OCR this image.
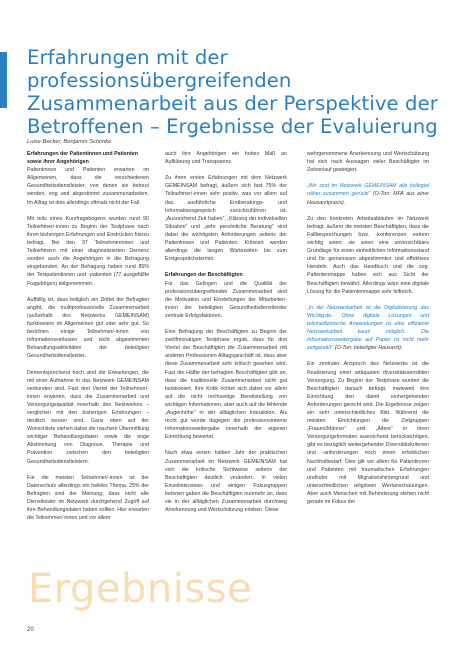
Erfahrungen mit der professionsübergreifenden Zusammenarbeit aus der Perspektive der Betroffenen – Ergebnisse der Evaluierung
Luise Becker, Benjamin Schimke
Erfahrungen der Patientinnen und Patienten sowie ihrer Angehörigen

Patientinnen und Patienten erwarten im Allgemeinen, dass die verschiedenen Gesundheitsdienstleister, von denen sie betreut werden, eng und abgestimmt zusammenarbeiten. Im Alltag ist dies allerdings oftmals nicht der Fall.

Mit teils eines Kurzfragebogens wurden rund 90 Teilnehmer/-innen zu Beginn der Testphase nach ihren bisherigen Erfahrungen und Eindrücken hierzu befragt. Bei den 37 Teilnehmerinnen und Teilnehmern mit einer diagnostizierten Demenz wurden auch die Angehörigen in die Befragung eingebunden. An der Befragung haben rund 85% der Testpatientinnen und -patienten (77 ausgefüllte Fragebögen) teilgenommen.

Auffällig ist, dass lediglich ein Drittel der Befragten angibt, die multiprofessionelle Zusammenarbeit (außerhalb des Netzwerks GEMEINSAM) funktioniere im Allgemeinen gut oder sehr gut. So berichten einige Teilnehmer/-innen von Informationsverlusten und nicht abgestimmten Behandlungsaktivitäten der beteiligten Gesundheitsdienstleister.

Dementsprechend hoch sind die Erwartungen, die mit einer Aufnahme in das Netzwerk GEMEINSAM verbunden sind. Fast drei Viertel der Teilnehmer/-innen erwarten, dass die Zusammenarbeit und Versorgungsqualität innerhalb des Netzwerkes – verglichen mit den bisherigen Erfahrungen – deutlich besser sind. Ganz oben auf der Wunschliste stehen dabei die raschere Übermittlung wichtiger Behandlungsdaten sowie die enge Abstimmung von Diagnose, Therapie und Prävention zwischen den beteiligten Gesundheitsdienstleistern.

Für die meisten Teilnehmer/-innen ist der Datenschutz allerdings ein heikles Thema. 25% der Befragten sind der Meinung, dass nicht alle Dienstleister im Netzwerk durchgehend Zugriff auf ihre Behandlungsdaten haben sollten. Hier erwarten die Teilnehmer/-innen und vor allem

auch ihre Angehörigen ein hohes Maß an Aufklärung und Transparenz.

Zu ihren ersten Erfahrungen mit dem Netzwerk GEMEINSAM befragt, äußern sich fast 75% der Teilnehmer/-innen sehr positiv, was vor allem auf das ausführliche Erstberatungs- und Informationsgespräch zurückzuführen ist. „Ausreichend Zeit haben“, „Klärung der individuellen Situation“ und „sehr persönliche Beratung“ sind dabei die wichtigsten Anforderungen seitens der Patientinnen und Patienten. Kritisiert werden allerdings die langen Wartezeiten bis zum Erstgesprächstermin.

Erfahrungen der Beschäftigten

Für das Gelingen und die Qualität der professionsübergreifenden Zusammenarbeit sind die Motivation und Einstellungen der Mitarbeiter/-innen der beteiligten Gesundheitsdienstleister zentrale Erfolgsfaktoren.

Eine Befragung der Beschäftigten zu Beginn der zwölfmonatigen Testphase ergab, dass für drei Viertel der Beschäftigten die Zusammenarbeit mit anderen Professionen Alltagsgeschäft ist, dass aber diese Zusammenarbeit sehr kritisch gesehen wird. Fast die Hälfte der befragten Beschäftigten gibt an, dass die traditionelle Zusammenarbeit nicht gut funktioniert. Ihre Kritik richtet sich dabei vor allem auf die nicht rechtzeitige Bereitstellung von wichtigen Informationen, aber auch auf die fehlende „Augenhöhe“ in der alltäglichen Interaktion. Als recht gut wurde dagegen die professionsinterne Informationsweitergabe innerhalb der eigenen Einrichtung bewertet.

Nach etwa einem halben Jahr der praktischen Zusammenarbeit im Netzwerk GEMEINSAM hat sich die kritische Sichtweise seitens der Beschäftigten deutlich verändert. In vielen Einzelinterviews und einigen Fokusgruppen betonen gaben die Beschäftigten nunmehr an, dass sie in der alltäglichen Zusammenarbeit durchweg Anerkennung und Wertschätzung erleben. Diese

wahrgenommene Anerkennung und Wertschätzung hat sich nach Aussagen vieler Beschäftigter im Zeitverlauf gesteigert.

„Wir sind im Netzwerk GEMEINSAM alle kollegial näher zusammen gerückt“ (O-Ton: MFA aus einer Hausarztpraxis).

Zu den konkreten Arbeitsabläufen im Netzwerk befragt, äußern die meisten Beschäftigten, dass die Fallbesprechungen bzw. -konferenzen extrem wichtig seien; sie seien eine unverzichtbare Grundlage für einen einheitlichen Informationsstand und für gemeinsam abgestimmtes und effektives Handeln. Auch das Handbuch und die sog. Patientenmappe haben sich aus Sicht der Beschäftigten bewährt. Allerdings wäre eine digitale Lösung für die Patientenmappe sehr hilfreich.

„In der Netzwerkarbeit ist die Digitalisierung das Wichtigste. Ohne digitale Lösungen und telemedizinische Anwendungen ist eine effiziente Netzwerkarbeit kaum möglich. Die Informationsweitergabe auf Papier ist nicht mehr zeitgemäß“ (O-Ton: beteiligter Hausarzt).

Ein zentraler Anspruch des Netzwerks ist die Realisierung einer adäquaten diversitätssensiblen Versorgung. Zu Beginn der Testphase wurden die Beschäftigten danach befragt, inwieweit ihre Einrichtung den damit einhergehenden Anforderungen gerecht wird. Die Ergebnisse zeigen ein sehr unterschiedliches Bild. Während die meisten Einrichtungen die Zielgruppen „Frauen/Männer“ und „Ältere“ in ihren Versorgungsformaten ausreichend berücksichtigen, gibt es bezüglich weitergehender Diversitätskriterien und -anforderungen noch einen erheblichen Nachholbedarf. Dies gilt vor allem für Patientinnen und Patienten mit traumatischen Erfahrungen und/oder mit Migrationshintergrund und unterschiedlichen religiösen Wertanschauungen. Aber auch Menschen mit Behinderung stehen nicht gerade im Fokus der

Ergebnisse
20
